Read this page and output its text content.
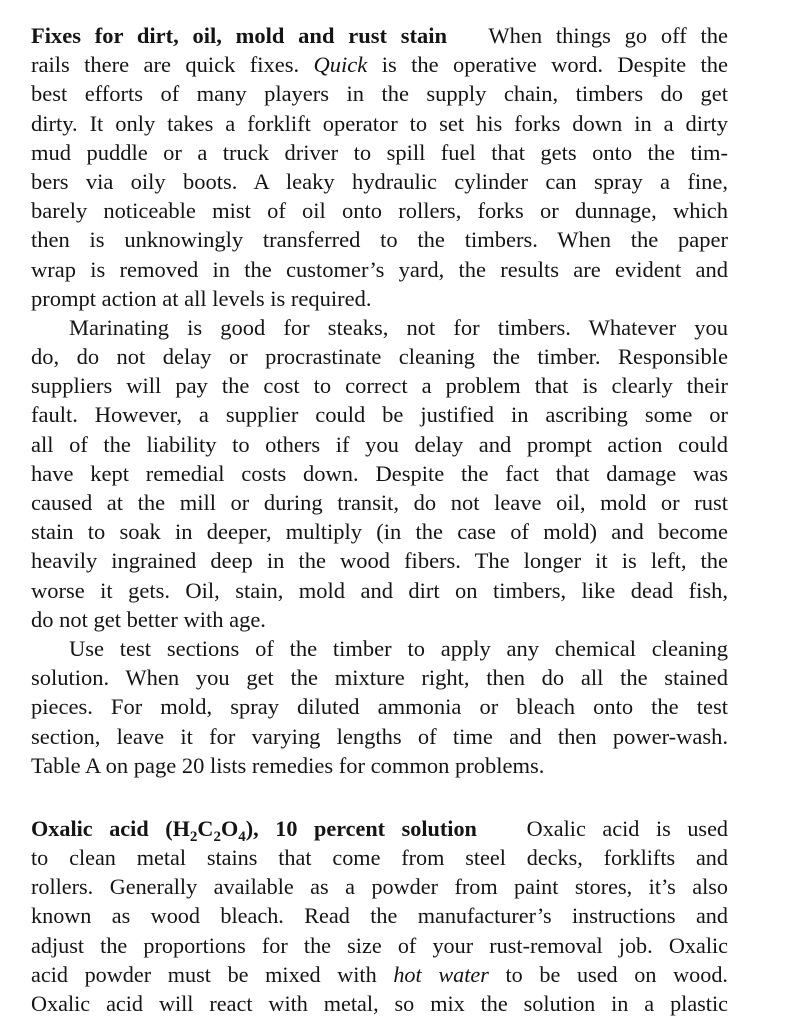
Fixes for dirt, oil, mold and rust stain When things go off the
rails there are quick fixes. Quick is the operative word. Despite the
best efforts of many players in the supply chain, timbers do get
dirty. It only takes a forklift operator to set his forks down in a dirty
mud puddle or a truck driver to spill fuel that gets onto the tim-
bers via oily boots. A leaky hydraulic cylinder can spray a fine,
barely noticeable mist of oil onto rollers, forks or dunnage, which
then is unknowingly transferred to the timbers. When the paper
wrap is removed in the customer’s yard, the results are evident and
prompt action at all levels is required.
Marinating is good for steaks, not for timbers. Whatever you
do, do not delay or procrastinate cleaning the timber. Responsible
suppliers will pay the cost to correct a problem that is clearly their
fault. However, a supplier could be justified in ascribing some or
all of the liability to others if you delay and prompt action could
have kept remedial costs down. Despite the fact that damage was
caused at the mill or during transit, do not leave oil, mold or rust
stain to soak in deeper, multiply (in the case of mold) and become
heavily ingrained deep in the wood fibers. The longer it is left, the
worse it gets. Oil, stain, mold and dirt on timbers, like dead fish,
do not get better with age.
Use test sections of the timber to apply any chemical cleaning
solution. When you get the mixture right, then do all the stained
pieces. For mold, spray diluted ammonia or bleach onto the test
section, leave it for varying lengths of time and then power-wash.
Table A on page 20 lists remedies for common problems.
Oxalic acid $(H_2C_2O_4)$, 10 percent solution Oxalic acid is used
to clean metal stains that come from steel decks, forklifts and
rollers. Generally available as a powder from paint stores, it’s also
known as wood bleach. Read the manufacturer’s instructions and
adjust the proportions for the size of your rust-removal job. Oxalic
acid powder must be mixed with hot water to be used on wood.
Oxalic acid will react with metal, so mix the solution in a plastic
